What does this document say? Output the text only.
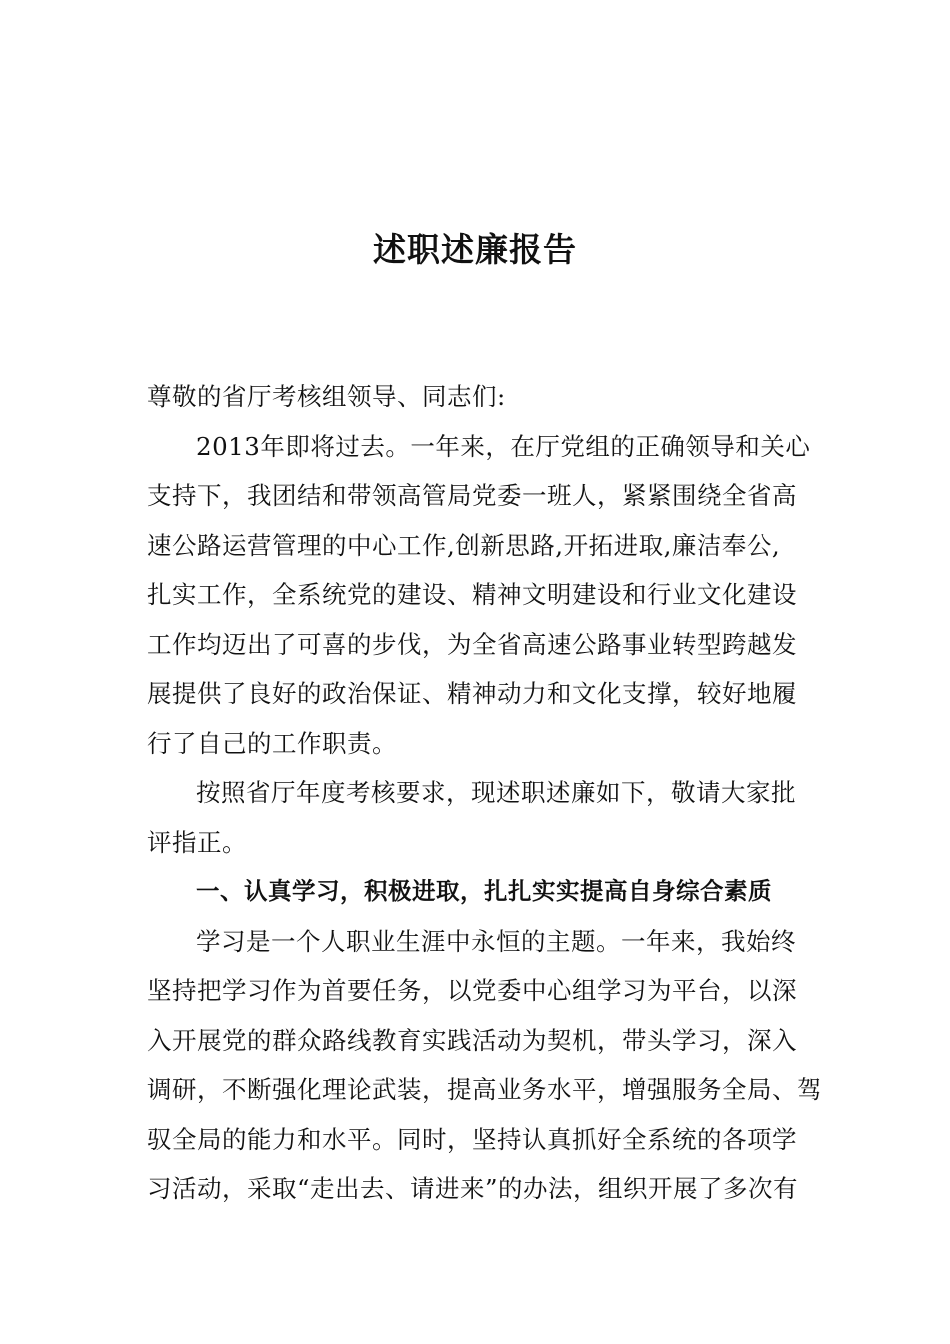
述职述廉报告
尊敬的省厅考核组领导、同志们:
2013年即将过去。一年来，在厅党组的正确领导和关心
支持下，我团结和带领高管局党委一班人，紧紧围绕全省高
速公路运营管理的中心工作,创新思路,开拓进取,廉洁奉公,
扎实工作，全系统党的建设、精神文明建设和行业文化建设
工作均迈出了可喜的步伐，为全省高速公路事业转型跨越发
展提供了良好的政治保证、精神动力和文化支撑，较好地履
行了自己的工作职责。
按照省厅年度考核要求，现述职述廉如下，敬请大家批
评指正。
一、认真学习，积极进取，扎扎实实提高自身综合素质
学习是一个人职业生涯中永恒的主题。一年来，我始终
坚持把学习作为首要任务，以党委中心组学习为平台，以深
入开展党的群众路线教育实践活动为契机，带头学习，深入
调研，不断强化理论武装，提高业务水平，增强服务全局、驾
驭全局的能力和水平。同时，坚持认真抓好全系统的各项学
习活动，采取“走出去、请进来”的办法，组织开展了多次有
